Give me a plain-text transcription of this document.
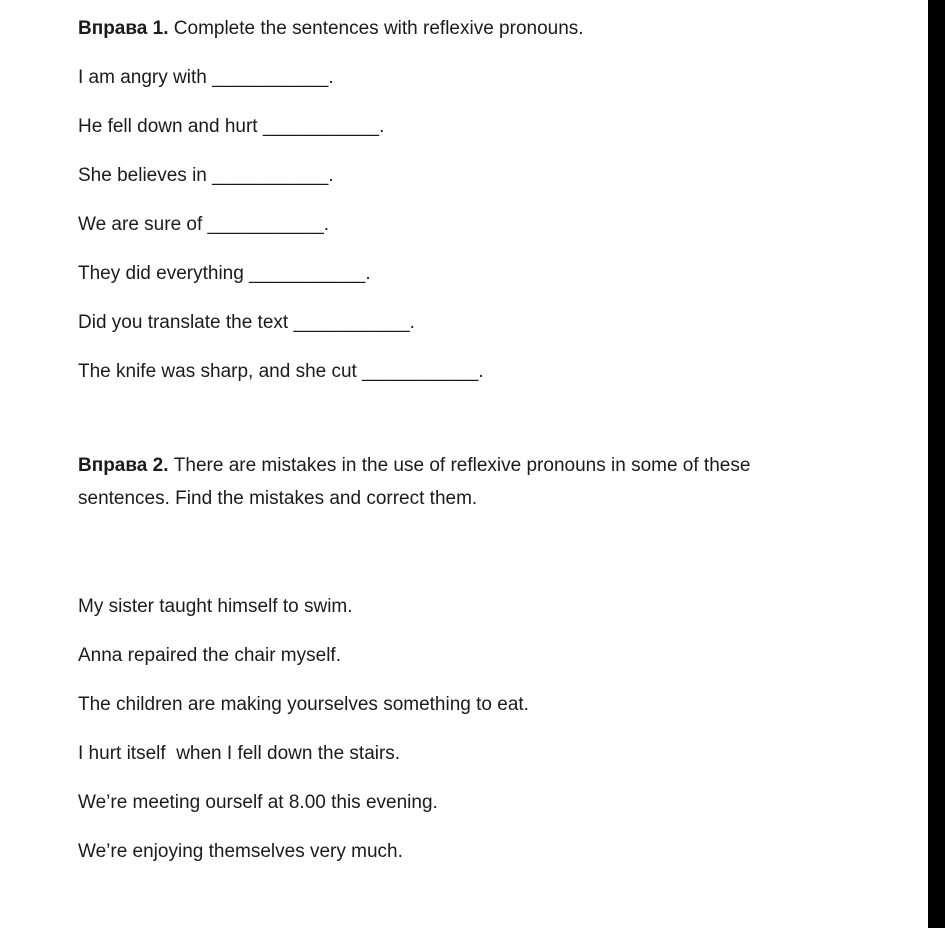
Вправа 1. Complete the sentences with reflexive pronouns.

I am angry with ___________.

He fell down and hurt ___________.

She believes in ___________.

We are sure of ___________.

They did everything ___________.

Did you translate the text ___________.

The knife was sharp, and she cut ___________.

Вправа 2. There are mistakes in the use of reflexive pronouns in some of these sentences. Find the mistakes and correct them.

My sister taught himself to swim.

Anna repaired the chair myself.

The children are making yourselves something to eat.

I hurt itself  when I fell down the stairs.

We’re meeting ourself at 8.00 this evening.

We’re enjoying themselves very much.
